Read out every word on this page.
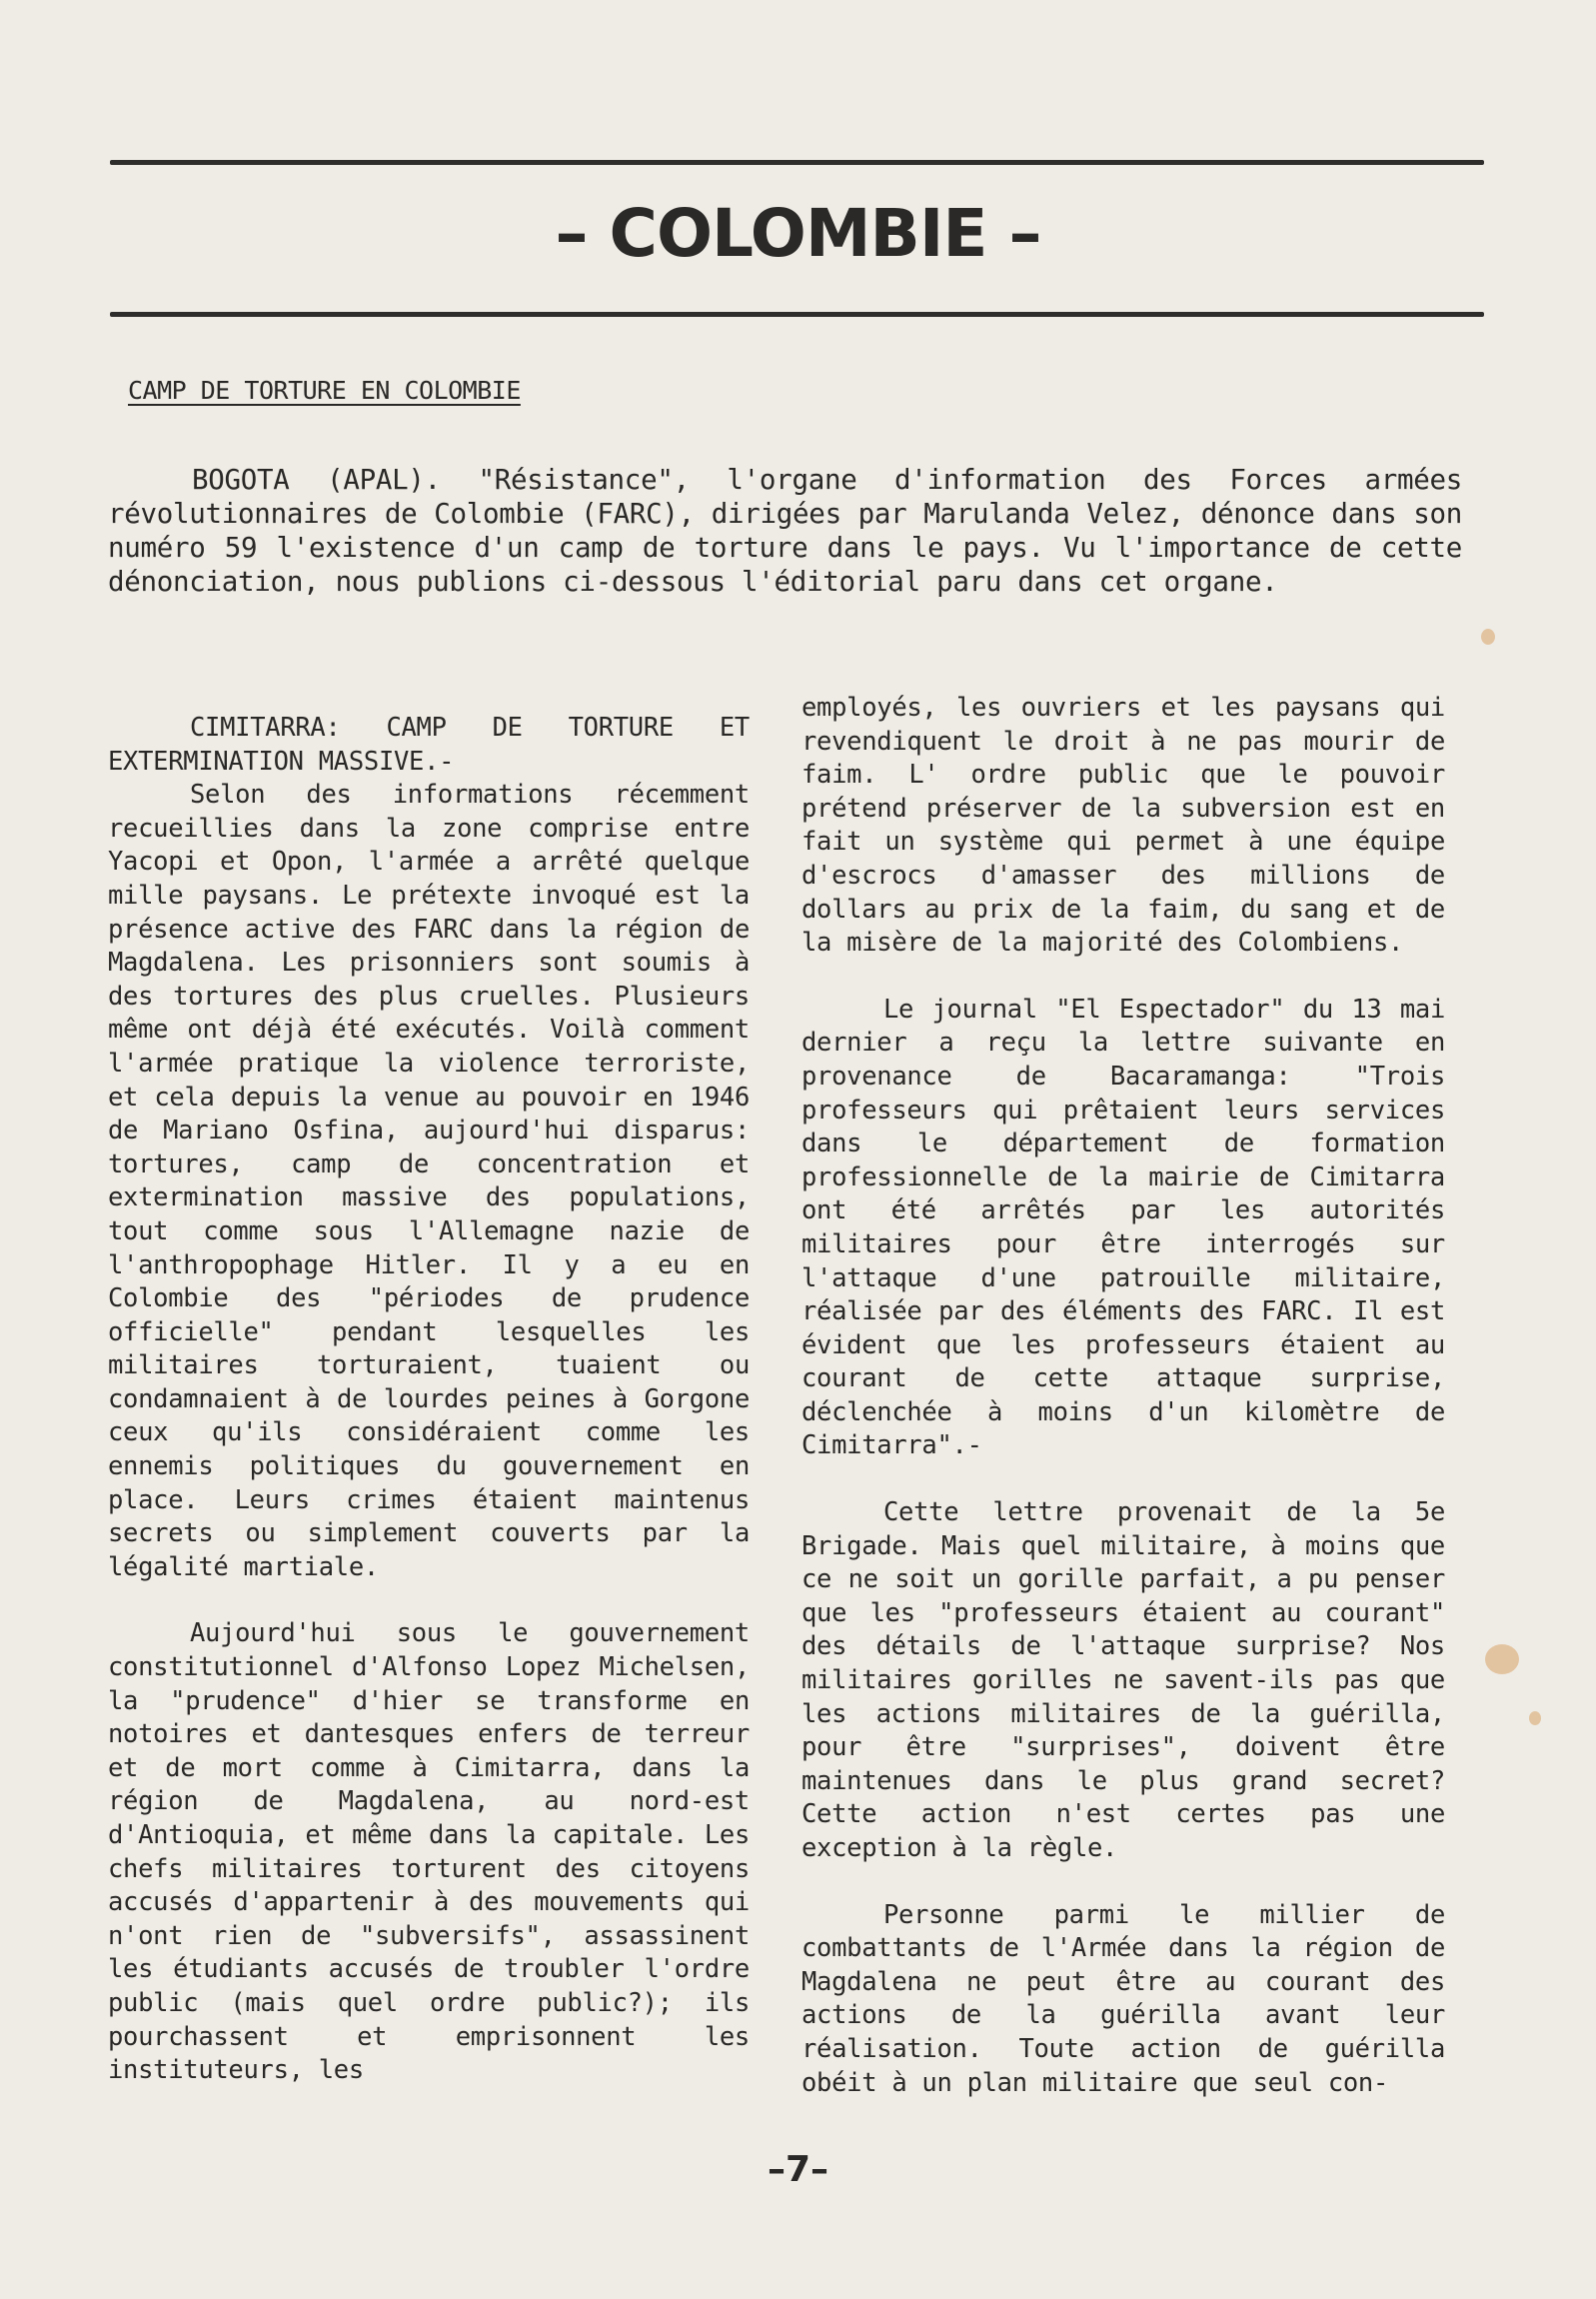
– COLOMBIE –
CAMP DE TORTURE EN COLOMBIE

BOGOTA (APAL). "Résistance", l'organe d'information des Forces armées révolutionnaires de Colombie (FARC), dirigées par Marulanda Velez, dénonce dans son numéro 59 l'existence d'un camp de torture dans le pays. Vu l'importance de cette dénonciation, nous publions ci-dessous l'éditorial paru dans cet organe.

CIMITARRA: CAMP DE TORTURE ET EXTERMINATION MASSIVE.-

Selon des informations récemment recueillies dans la zone comprise entre Yacopi et Opon, l'armée a arrêté quelque mille paysans. Le prétexte invoqué est la présence active des FARC dans la région de Magdalena. Les prisonniers sont soumis à des tortures des plus cruelles. Plusieurs même ont déjà été exécutés. Voilà comment l'armée pratique la violence terroriste, et cela depuis la venue au pouvoir en 1946 de Mariano Osfina, aujourd'hui disparus: tortures, camp de concentration et extermination massive des populations, tout comme sous l'Allemagne nazie de l'anthropophage Hitler. Il y a eu en Colombie des "périodes de prudence officielle" pendant lesquelles les militaires torturaient, tuaient ou condamnaient à de lourdes peines à Gorgone ceux qu'ils considéraient comme les ennemis politiques du gouvernement en place. Leurs crimes étaient maintenus secrets ou simplement couverts par la légalité martiale.

Aujourd'hui sous le gouvernement constitutionnel d'Alfonso Lopez Michelsen, la "prudence" d'hier se transforme en notoires et dantesques enfers de terreur et de mort comme à Cimitarra, dans la région de Magdalena, au nord-est d'Antioquia, et même dans la capitale. Les chefs militaires torturent des citoyens accusés d'appartenir à des mouvements qui n'ont rien de "subversifs", assassinent les étudiants accusés de troubler l'ordre public (mais quel ordre public?); ils pourchassent et emprisonnent les instituteurs, les

employés, les ouvriers et les paysans qui revendiquent le droit à ne pas mourir de faim. L' ordre public que le pouvoir prétend préserver de la subversion est en fait un système qui permet à une équipe d'escrocs d'amasser des millions de dollars au prix de la faim, du sang et de la misère de la majorité des Colombiens.

Le journal "El Espectador" du 13 mai dernier a reçu la lettre suivante en provenance de Bacaramanga: "Trois professeurs qui prêtaient leurs services dans le département de formation professionnelle de la mairie de Cimitarra ont été arrêtés par les autorités militaires pour être interrogés sur l'attaque d'une patrouille militaire, réalisée par des éléments des FARC. Il est évident que les professeurs étaient au courant de cette attaque surprise, déclenchée à moins d'un kilomètre de Cimitarra".-

Cette lettre provenait de la 5e Brigade. Mais quel militaire, à moins que ce ne soit un gorille parfait, a pu penser que les "professeurs étaient au courant" des détails de l'attaque surprise? Nos militaires gorilles ne savent-ils pas que les actions militaires de la guérilla, pour être "surprises", doivent être maintenues dans le plus grand secret? Cette action n'est certes pas une exception à la règle.

Personne parmi le millier de combattants de l'Armée dans la région de Magdalena ne peut être au courant des actions de la guérilla avant leur réalisation. Toute action de guérilla obéit à un plan militaire que seul con-

–7–
